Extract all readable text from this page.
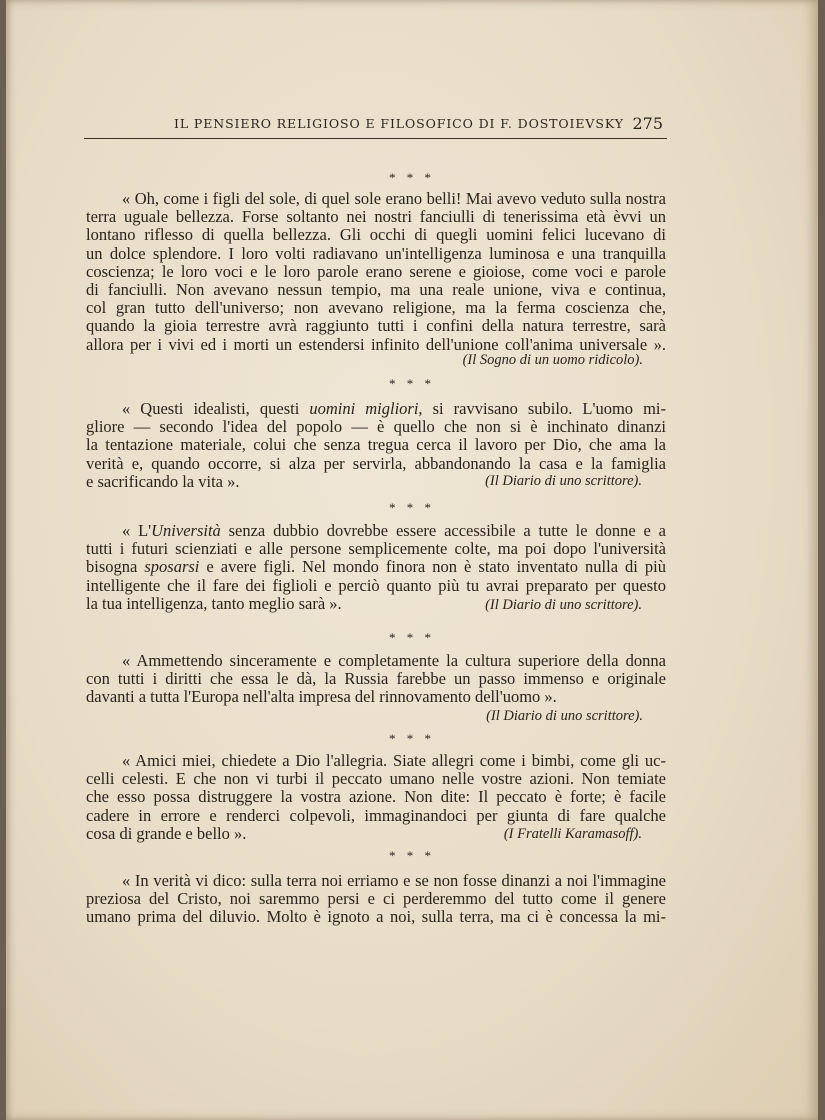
IL PENSIERO RELIGIOSO E FILOSOFICO DI F. DOSTOIEVSKY 275
* * *
« Oh, come i figli del sole, di quel sole erano belli! Mai avevo veduto sulla nostra
terra uguale bellezza. Forse soltanto nei nostri fanciulli di tenerissima età èvvi un
lontano riflesso di quella bellezza. Gli occhi di quegli uomini felici lucevano di
un dolce splendore. I loro volti radiavano un'intelligenza luminosa e una tranquilla
coscienza; le loro voci e le loro parole erano serene e gioiose, come voci e parole
di fanciulli. Non avevano nessun tempio, ma una reale unione, viva e continua,
col gran tutto dell'universo; non avevano religione, ma la ferma coscienza che,
quando la gioia terrestre avrà raggiunto tutti i confini della natura terrestre, sarà
allora per i vivi ed i morti un estendersi infinito dell'unione coll'anima universale ».
(Il Sogno di un uomo ridicolo).
* * *
« Questi idealisti, questi uomini migliori, si ravvisano subilo. L'uomo mi-
gliore — secondo l'idea del popolo — è quello che non si è inchinato dinanzi
la tentazione materiale, colui che senza tregua cerca il lavoro per Dio, che ama la
verità e, quando occorre, si alza per servirla, abbandonando la casa e la famiglia
e sacrificando la vita ».	(Il Diario di uno scrittore).
* * *
« L'Università senza dubbio dovrebbe essere accessibile a tutte le donne e a
tutti i futuri scienziati e alle persone semplicemente colte, ma poi dopo l'università
bisogna sposarsi e avere figli. Nel mondo finora non è stato inventato nulla di più
intelligente che il fare dei figlioli e perciò quanto più tu avrai preparato per questo
la tua intelligenza, tanto meglio sarà ».	(Il Diario di uno scrittore).
* * *
« Ammettendo sinceramente e completamente la cultura superiore della donna
con tutti i diritti che essa le dà, la Russia farebbe un passo immenso e originale
davanti a tutta l'Europa nell'alta impresa del rinnovamento dell'uomo ».
(Il Diario di uno scrittore).
* * *
« Amici miei, chiedete a Dio l'allegria. Siate allegri come i bimbi, come gli uc-
celli celesti. E che non vi turbi il peccato umano nelle vostre azioni. Non temiate
che esso possa distruggere la vostra azione. Non dite: Il peccato è forte; è facile
cadere in errore e renderci colpevoli, immaginandoci per giunta di fare qualche
cosa di grande e bello ».	(I Fratelli Karamasoff).
* * *
« In verità vi dico: sulla terra noi erriamo e se non fosse dinanzi a noi l'immagine
preziosa del Cristo, noi saremmo persi e ci perderemmo del tutto come il genere
umano prima del diluvio. Molto è ignoto a noi, sulla terra, ma ci è concessa la mi-
